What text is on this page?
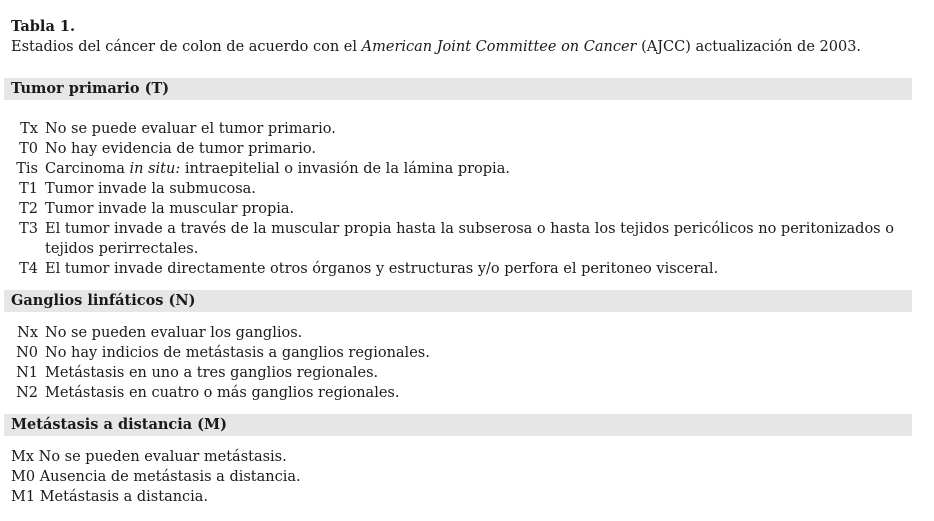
Tabla 1.
Estadios del cáncer de colon de acuerdo con el American Joint Committee on Cancer (AJCC) actualización de 2003.
Tumor primario (T)
Tx No se puede evaluar el tumor primario.
T0 No hay evidencia de tumor primario.
Tis Carcinoma in situ: intraepitelial o invasión de la lámina propia.
T1 Tumor invade la submucosa.
T2 Tumor invade la muscular propia.
T3 El tumor invade a través de la muscular propia hasta la subserosa o hasta los tejidos pericólicos no peritonizados o tejidos perirrectales.
T4 El tumor invade directamente otros órganos y estructuras y/o perfora el peritoneo visceral.
Ganglios linfáticos (N)
Nx No se pueden evaluar los ganglios.
N0 No hay indicios de metástasis a ganglios regionales.
N1 Metástasis en uno a tres ganglios regionales.
N2 Metástasis en cuatro o más ganglios regionales.
Metástasis a distancia (M)
Mx No se pueden evaluar metástasis.
M0 Ausencia de metástasis a distancia.
M1 Metástasis a distancia.
